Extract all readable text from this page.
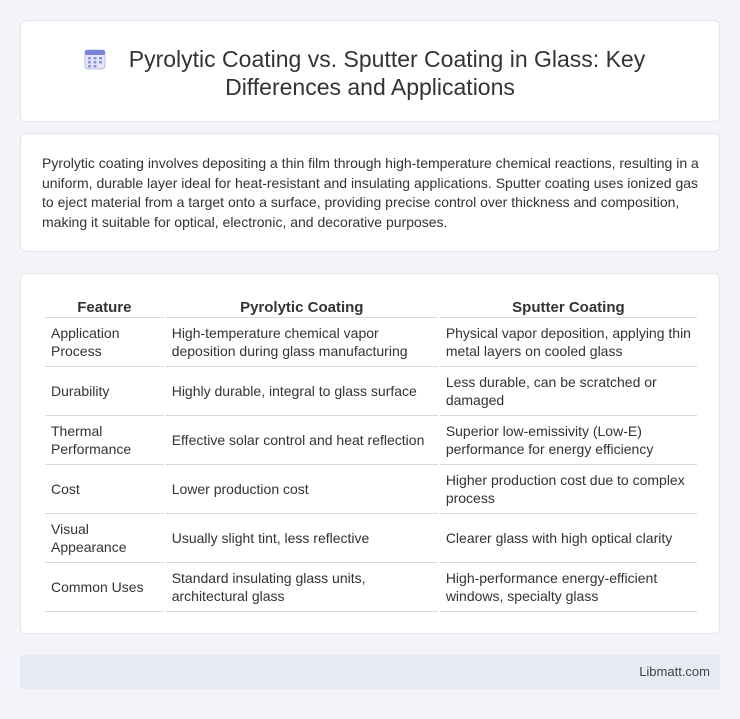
Pyrolytic Coating vs. Sputter Coating in Glass: Key
Differences and Applications

Pyrolytic coating involves depositing a thin film through high-temperature chemical reactions, resulting in a uniform, durable layer ideal for heat-resistant and insulating applications. Sputter coating uses ionized gas to eject material from a target onto a surface, providing precise control over thickness and composition, making it suitable for optical, electronic, and decorative purposes.

Feature	Pyrolytic Coating	Sputter Coating
Application Process	High-temperature chemical vapor deposition during glass manufacturing	Physical vapor deposition, applying thin metal layers on cooled glass
Durability	Highly durable, integral to glass surface	Less durable, can be scratched or damaged
Thermal Performance	Effective solar control and heat reflection	Superior low-emissivity (Low-E) performance for energy efficiency
Cost	Lower production cost	Higher production cost due to complex process
Visual Appearance	Usually slight tint, less reflective	Clearer glass with high optical clarity
Common Uses	Standard insulating glass units, architectural glass	High-performance energy-efficient windows, specialty glass
Libmatt.com
